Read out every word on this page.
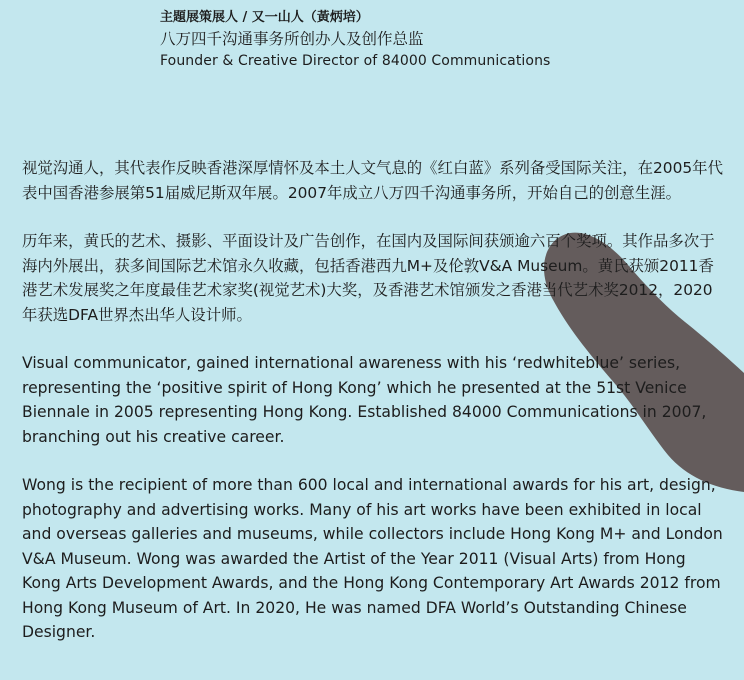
主題展策展人 / 又一山人（黃炳培）

八万四千沟通事务所创办人及创作总监

Founder & Creative Director of 84000 Communications

视觉沟通人，其代表作反映香港深厚情怀及本土人文气息的《红白蓝》系列备受国际关注，在2005年代表中国香港参展第51届威尼斯双年展。2007年成立八万四千沟通事务所，开始自己的创意生涯。

历年来，黄氏的艺术、摄影、平面设计及广告创作，在国内及国际间获颁逾六百个奖项。其作品多次于海内外展出，获多间国际艺术馆永久收藏，包括香港西九M+及伦敦V&A Museum。黄氏获颁2011香港艺术发展奖之年度最佳艺术家奖(视觉艺术)大奖，及香港艺术馆颁发之香港当代艺术奖2012，2020年获选DFA世界杰出华人设计师。

Visual communicator, gained international awareness with his ‘redwhiteblue’ series, representing the ‘positive spirit of Hong Kong’ which he presented at the 51st Venice Biennale in 2005 representing Hong Kong. Established 84000 Communications in 2007, branching out his creative career.

Wong is the recipient of more than 600 local and international awards for his art, design, photography and advertising works. Many of his art works have been exhibited in local and overseas galleries and museums, while collectors include Hong Kong M+ and London V&A Museum. Wong was awarded the Artist of the Year 2011 (Visual Arts) from Hong Kong Arts Development Awards, and the Hong Kong Contemporary Art Awards 2012 from Hong Kong Museum of Art. In 2020, He was named DFA World’s Outstanding Chinese Designer.
